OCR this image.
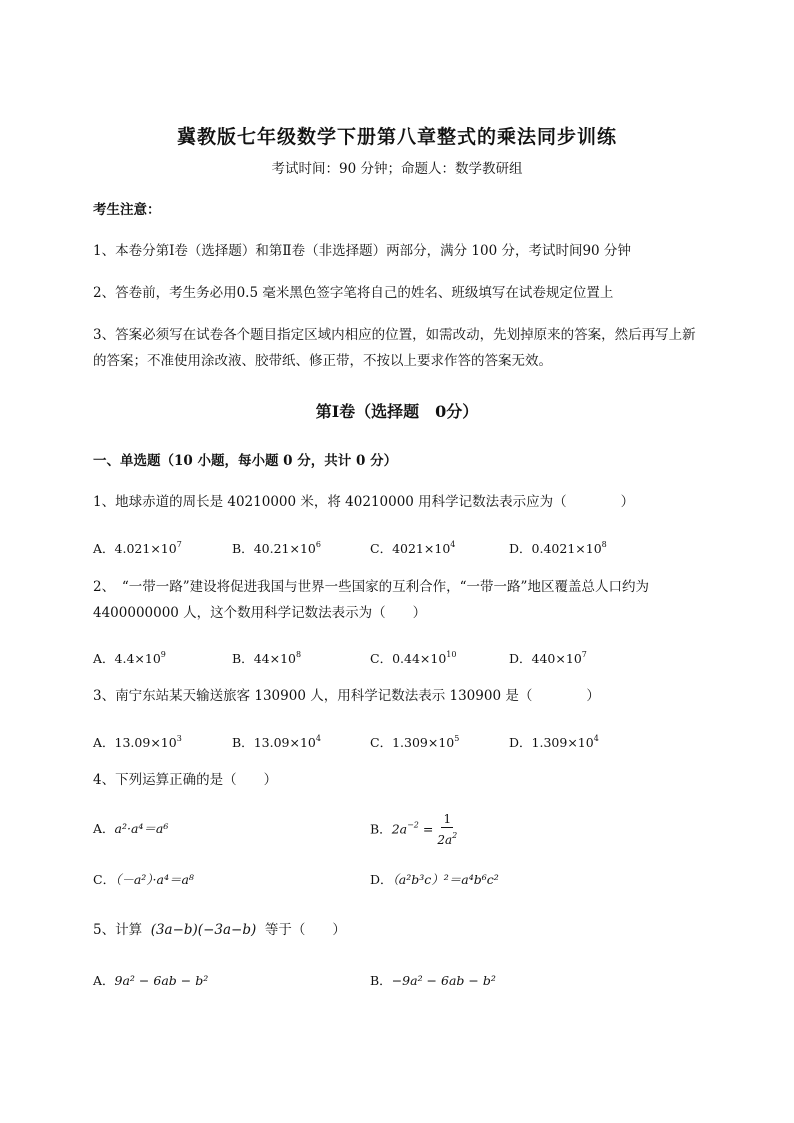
冀教版七年级数学下册第八章整式的乘法同步训练
考试时间：90 分钟；命题人：数学教研组
考生注意：
1、本卷分第Ⅰ卷（选择题）和第Ⅱ卷（非选择题）两部分，满分 100 分，考试时间90 分钟
2、答卷前，考生务必用0.5 毫米黑色签字笔将自己的姓名、班级填写在试卷规定位置上
3、答案必须写在试卷各个题目指定区域内相应的位置，如需改动，先划掉原来的答案，然后再写上新
的答案；不准使用涂改液、胶带纸、修正带，不按以上要求作答的答案无效。
第Ⅰ卷（选择题　0分）
一、单选题（10 小题，每小题 0 分，共计 0 分）
1、地球赤道的周长是 40210000 米，将 40210000 用科学记数法表示应为（　　　　）
A．$4.021\times 10^7$	B．$40.21\times 10^6$	C．$4021\times 10^4$	D．$0.4021\times 10^8$
2、　“一带一路”建设将促进我国与世界一些国家的互利合作，“一带一路”地区覆盖总人口约为
4400000000 人，这个数用科学记数法表示为（　　）
A．$4.4\times 10^9$	B．$44\times 10^8$	C．$0.44\times 10^{10}$	D．$440\times 10^7$
3、南宁东站某天输送旅客 130900 人，用科学记数法表示 130900 是（　　　　）
A．$13.09\times 10^3$	B．$13.09\times 10^4$	C．$1.309\times 10^5$	D．$1.309\times 10^4$
4、下列运算正确的是（　　）
A．a²·a⁴＝a⁶	B．$2a^{-2} = \frac{1}{2a^2}$
C．（－a²）·a⁴＝a⁸	D．（a²b³c）²＝a⁴b⁶c²
5、计算 (3a−b)(−3a−b) 等于（　　）
A．9a² − 6ab − b²	B．−9a² − 6ab − b²
